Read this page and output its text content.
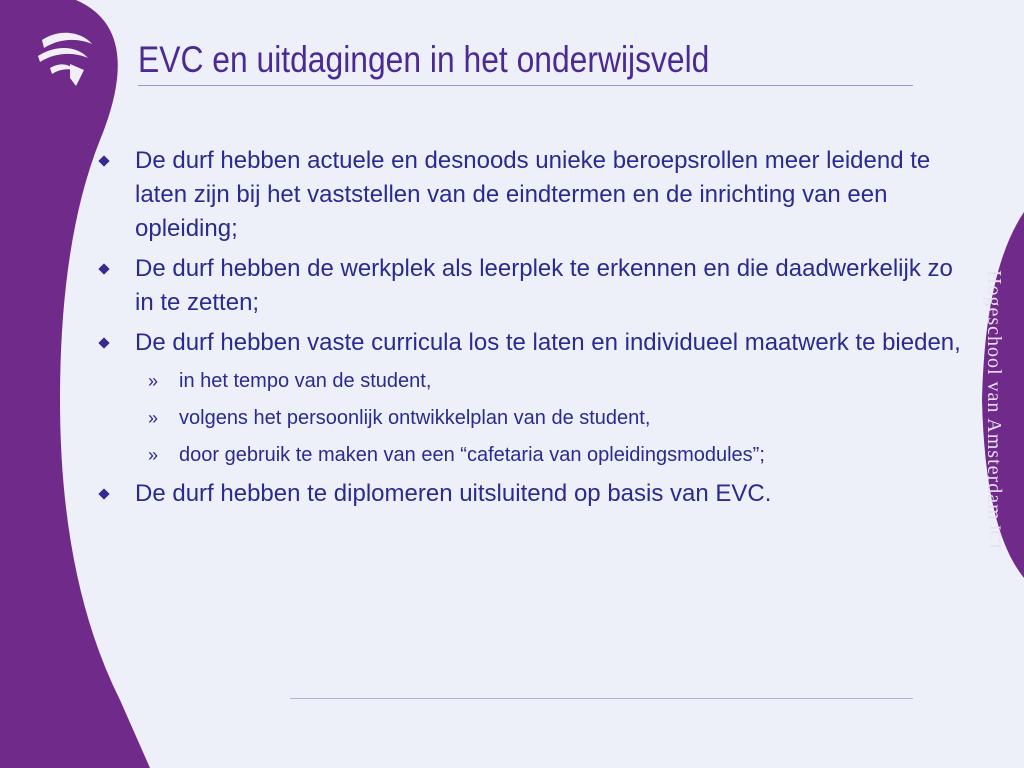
EVC en uitdagingen in het onderwijsveld
De durf hebben actuele en desnoods unieke beroepsrollen meer leidend te laten zijn bij het vaststellen van de eindtermen en de inrichting van een opleiding;
De durf hebben de werkplek als leerplek te erkennen en die daadwerkelijk zo in te zetten;
De durf hebben vaste curricula los te laten en individueel maatwerk te bieden,
» in het tempo van de student,
» volgens het persoonlijk ontwikkelplan van de student,
» door gebruik te maken van een “cafetaria van opleidingsmodules”;
De durf hebben te diplomeren uitsluitend op basis van EVC.	Hogeschool van Amsterdam ICT
